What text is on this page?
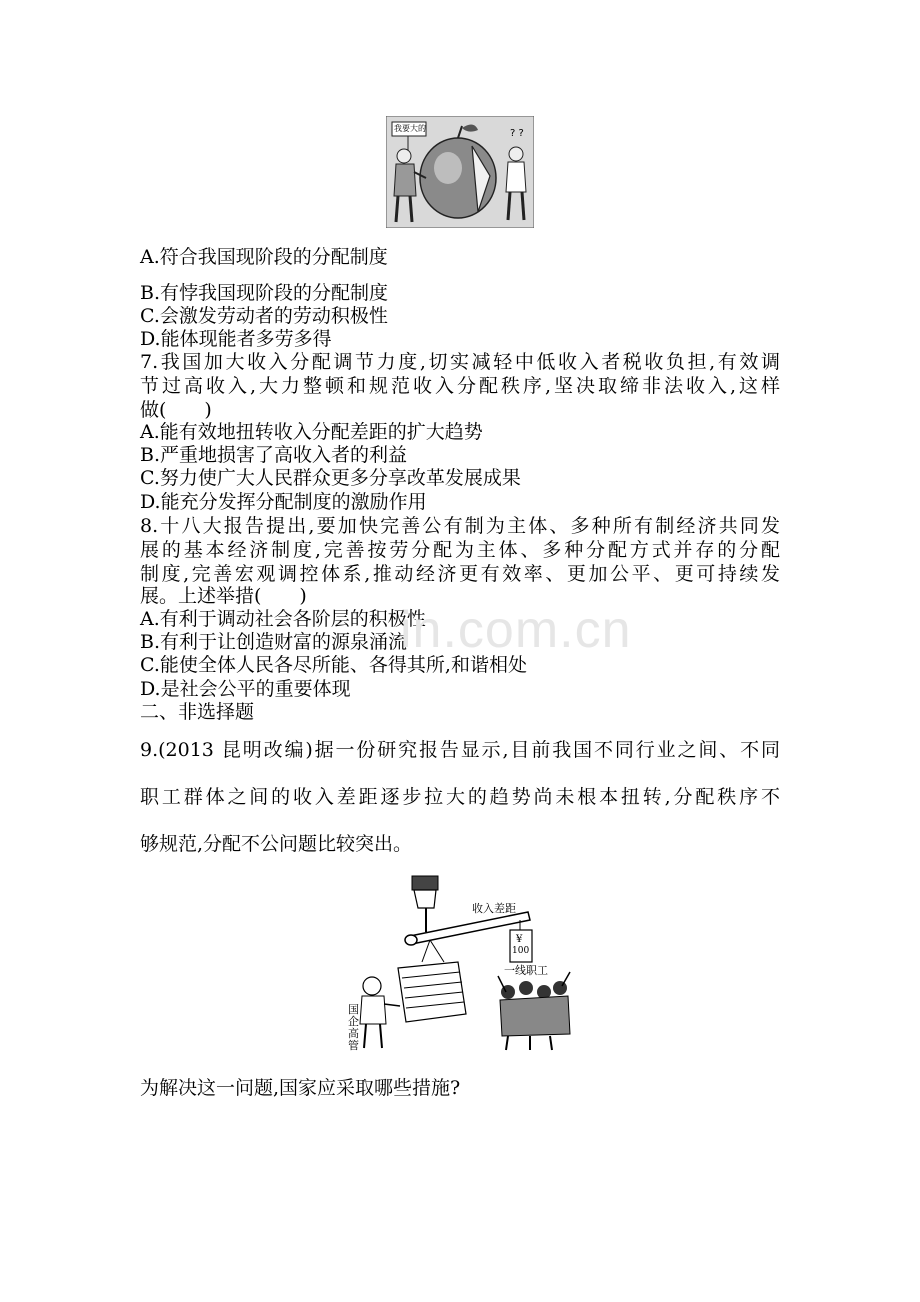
? ?
我要大的
A.符合我国现阶段的分配制度
B.有悖我国现阶段的分配制度
C.会激发劳动者的劳动积极性
D.能体现能者多劳多得
7.我国加大收入分配调节力度,切实减轻中低收入者税收负担,有效调
节过高收入,大力整顿和规范收入分配秩序,坚决取缔非法收入,这样
做(　　)
A.能有效地扭转收入分配差距的扩大趋势
B.严重地损害了高收入者的利益
C.努力使广大人民群众更多分享改革发展成果
D.能充分发挥分配制度的激励作用
8.十八大报告提出,要加快完善公有制为主体、多种所有制经济共同发
展的基本经济制度,完善按劳分配为主体、多种分配方式并存的分配
制度,完善宏观调控体系,推动经济更有效率、更加公平、更可持续发
展。上述举措(　　)
A.有利于调动社会各阶层的积极性
B.有利于让创造财富的源泉涌流
C.能使全体人民各尽所能、各得其所,和谐相处
D.是社会公平的重要体现
in.com.cn
二、非选择题
9.(2013 昆明改编)据一份研究报告显示,目前我国不同行业之间、不同
职工群体之间的收入差距逐步拉大的趋势尚未根本扭转,分配秩序不
够规范,分配不公问题比较突出。
收入差距
¥
100
一线职工
国企高管
为解决这一问题,国家应采取哪些措施?
